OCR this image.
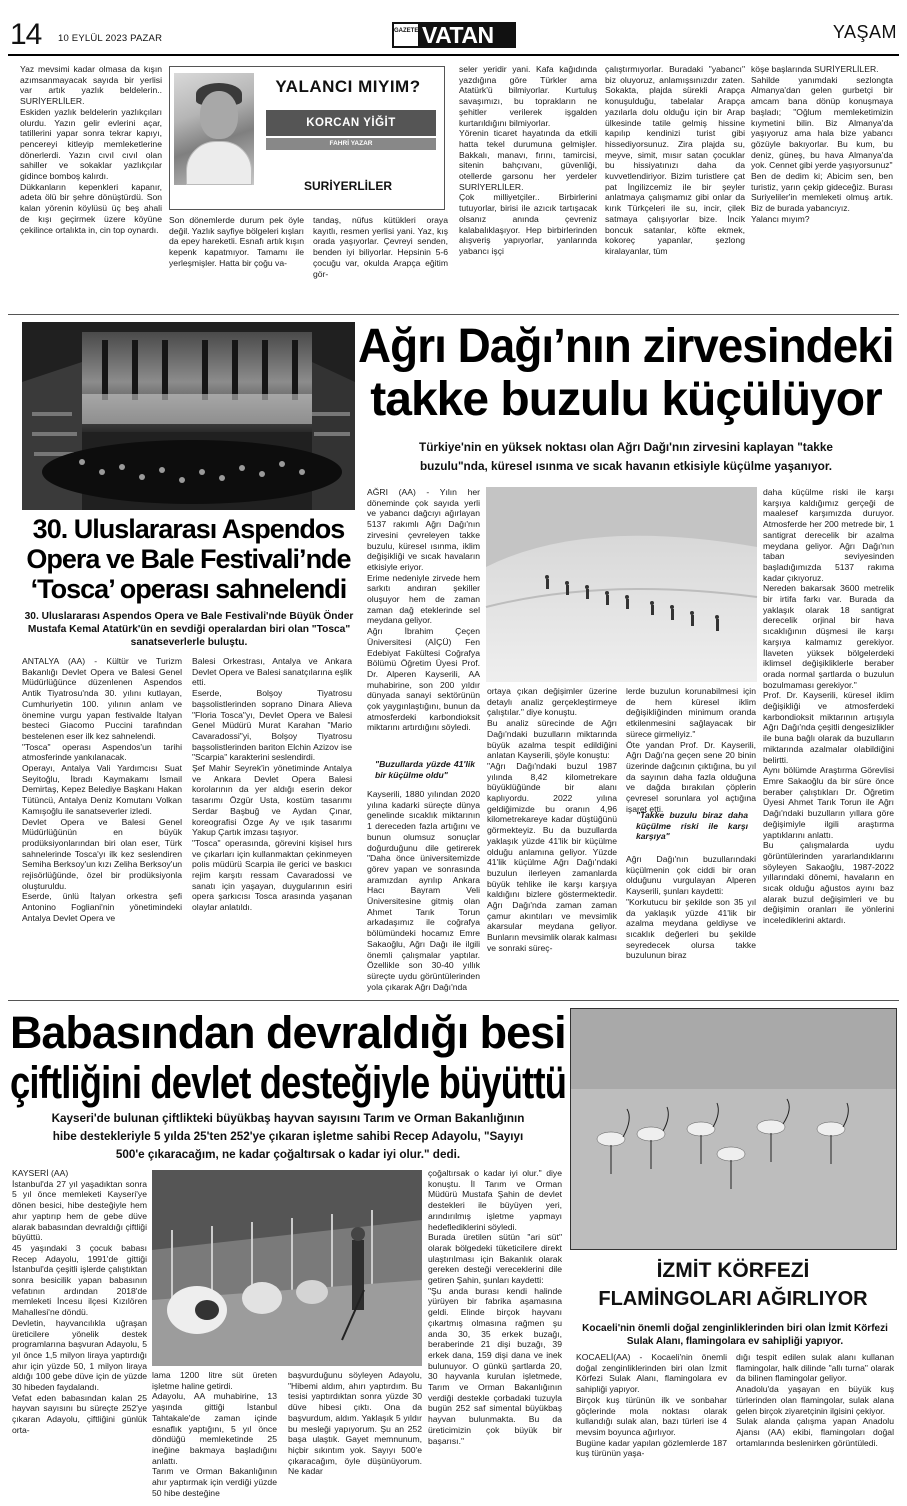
14 10 EYLÜL 2023 PAZAR
GAZETE VATAN	YAŞAM
Yaz mevsimi kadar olmasa da kışın azımsanmayacak sayıda bir yerlisi var artık yazlık beldelerin.. SURİYERLİLER.
Eskiden yazlık beldelerin yazlıkçıları olurdu. Yazın gelir evlerini açar, tatillerini yapar sonra tekrar kapıyı, pencereyi kitleyip memleketlerine dönerlerdi. Yazın cıvıl cıvıl olan sahiller ve sokaklar yazlıkçılar gidince bomboş kalırdı.
Dükkanların kepenkleri kapanır, adeta ölü bir şehre dönüştürdü. Son kalan yörenin köylüsü üç beş ahali de kışı geçirmek üzere köyüne çekilince ortalıkta in, cin top oynardı.
YALANCI MIYIM?
KORCAN YİĞİT
FAHRİ YAZAR
SURİYERLİLER
Son dönemlerde durum pek öyle değil. Yazlık sayfiye bölgeleri kışları da epey hareketli. Esnafı artık kışın kepenk kapatmıyor. Tamamı ile yerleşmişler. Hatta bir çoğu va-
tandaş, nüfus kütükleri oraya kayıtlı, resmen yerlisi yani. Yaz, kış orada yaşıyorlar. Çevreyi senden, benden iyi biliyorlar. Hepsinin 5-6 çocuğu var, okulda Arapça eğitim gör-
seler yeridir yani. Kafa kağıdında yazdığına göre Türkler ama Atatürk'ü bilmiyorlar. Kurtuluş savaşımızı, bu toprakların ne şehitler verilerek işgalden kurtarıldığını bilmiyorlar.
Yörenin ticaret hayatında da etkili hatta tekel durumuna gelmişler. Bakkalı, manavı, fırını, tamircisi, sitenin bahçıvanı, güvenliği, otellerde garsonu her yerdeler SURİYERLİLER.
Çok milliyetçiler.. Birbirlerini tutuyorlar, birisi ile azıcık tartışacak olsanız anında çevreniz kalabalıklaşıyor. Hep birbirlerinden alışveriş yapıyorlar, yanlarında yabancı işçi
çalıştırmıyorlar. Buradaki "yabancı" biz oluyoruz, anlamışsınızdır zaten. Sokakta, plajda sürekli Arapça konuşulduğu, tabelalar Arapça yazılarla dolu olduğu için bir Arap ülkesinde tatile gelmiş hissine kapılıp kendinizi turist gibi hissediyorsunuz. Zira plajda su, meyve, simit, mısır satan çocuklar bu hissiyatınızı daha da kuvvetlendiriyor. Bizim turistlere çat pat İngilizcemiz ile bir şeyler anlatmaya çalışmamız gibi onlar da kırık Türkçeleri ile su, incir, çilek satmaya çalışıyorlar bize. İncik boncuk satanlar, köfte ekmek, kokoreç yapanlar, şezlong kiralayanlar, tüm
köşe başlarında SURİYERLİLER.
Sahilde yanımdaki sezlongta Almanya'dan gelen gurbetçi bir amcam bana dönüp konuşmaya başladı; "Oğlum memleketimizin kıymetini bilin. Biz Almanya'da yaşıyoruz ama hala bize yabancı gözüyle bakıyorlar. Bu kum, bu deniz, güneş, bu hava Almanya'da yok. Cennet gibi yerde yaşıyorsunuz"
Ben de dedim ki; Abicim sen, ben turistiz, yarın çekip gideceğiz. Burası Suriyeliler'in memleketi olmuş artık. Biz de burada yabancıyız.
Yalancı mıyım?
30. Uluslararası Aspendos
Opera ve Bale Festivali’nde
‘Tosca’ operası sahnelendi
30. Uluslararası Aspendos Opera ve Bale Festivali'nde Büyük Önder Mustafa Kemal Atatürk'ün en sevdiği operalardan biri olan "Tosca" sanatseverlerle buluştu.
ANTALYA (AA) - Kültür ve Turizm Bakanlığı Devlet Opera ve Balesi Genel Müdürlüğünce düzenlenen Aspendos Antik Tiyatrosu'nda 30. yılını kutlayan, Cumhuriyetin 100. yılının anlam ve önemine vurgu yapan festivalde İtalyan besteci Giacomo Puccini tarafından bestelenen eser ilk kez sahnelendi.
"Tosca" operası Aspendos'un tarihi atmosferinde yankılanacak.
Operayı, Antalya Vali Yardımcısı Suat Seyitoğlu, İbradı Kaymakamı İsmail Demirtaş, Kepez Belediye Başkanı Hakan Tütüncü, Antalya Deniz Komutanı Volkan Kamışoğlu ile sanatseverler izledi.
Devlet Opera ve Balesi Genel Müdürlüğünün en büyük prodüksiyonlarından biri olan eser, Türk sahnelerinde Tosca'yı ilk kez seslendiren Semiha Berksoy'un kızı Zeliha Berksoy'un rejisörlüğünde, özel bir prodüksiyonla oluşturuldu.
Eserde, ünlü İtalyan orkestra şefi Antonino Fogliani'nin yönetimindeki Antalya Devlet Opera ve
Balesi Orkestrası, Antalya ve Ankara Devlet Opera ve Balesi sanatçılarına eşlik etti.
Eserde, Bolşoy Tiyatrosu başsolistlerinden soprano Dinara Alieva "Floria Tosca"yı, Devlet Opera ve Balesi Genel Müdürü Murat Karahan "Mario Cavaradossi"yi, Bolşoy Tiyatrosu başsolistlerinden bariton Elchin Azizov ise "Scarpia" karakterini seslendirdi.
Şef Mahir Seyrek'in yönetiminde Antalya ve Ankara Devlet Opera Balesi korolarının da yer aldığı eserin dekor tasarımı Özgür Usta, kostüm tasarımı Serdar Başbuğ ve Aydan Çınar, koreografisi Özge Ay ve ışık tasarımı Yakup Çartık imzası taşıyor.
"Tosca" operasında, görevini kişisel hırs ve çıkarları için kullanmaktan çekinmeyen polis müdürü Scarpia ile gerici ve baskıcı rejim karşıtı ressam Cavaradossi ve sanatı için yaşayan, duygularının esiri opera şarkıcısı Tosca arasında yaşanan olaylar anlatıldı.
Ağrı Dağı’nın zirvesindeki
takke buzulu küçülüyor
Türkiye'nin en yüksek noktası olan Ağrı Dağı'nın zirvesini kaplayan "takke
buzulu"nda, küresel ısınma ve sıcak havanın etkisiyle küçülme yaşanıyor.
AĞRI (AA) - Yılın her döneminde çok sayıda yerli ve yabancı dağcıyı ağırlayan 5137 rakımlı Ağrı Dağı'nın zirvesini çevreleyen takke buzulu, küresel ısınma, iklim değişikliği ve sıcak havaların etkisiyle eriyor.
Erime nedeniyle zirvede hem sarkıtı andıran şekiller oluşuyor hem de zaman zaman dağ eteklerinde sel meydana geliyor.
Ağrı İbrahim Çeçen Üniversitesi (AİÇÜ) Fen Edebiyat Fakültesi Coğrafya Bölümü Öğretim Üyesi Prof. Dr. Alperen Kayserili, AA muhabirine, son 200 yıldır dünyada sanayi sektörünün çok yaygınlaştığını, bunun da atmosferdeki karbondioksit miktarını artırdığını söyledi.
"Buzullarda yüzde 41'lik bir küçülme oldu"
Kayserili, 1880 yılından 2020 yılına kadarki süreçte dünya genelinde sıcaklık miktarının 1 dereceden fazla artığını ve bunun olumsuz sonuçlar doğurduğunu dile getirerek "Daha önce üniversitemizde görev yapan ve sonrasında aramızdan ayrılıp Ankara Hacı Bayram Veli Üniversitesine gitmiş olan Ahmet Tarık Torun arkadaşımız ile coğrafya bölümündeki hocamız Emre Sakaoğlu, Ağrı Dağı ile ilgili önemli çalışmalar yaptılar. Özellikle son 30-40 yıllık süreçte uydu görüntülerinden yola çıkarak Ağrı Dağı'nda
ortaya çıkan değişimler üzerine detaylı analiz gerçekleştirmeye çalıştılar." diye konuştu.
Bu analiz sürecinde de Ağrı Dağı'ndaki buzulların miktarında büyük azalma tespit edildiğini anlatan Kayserili, şöyle konuştu:
"Ağrı Dağı'ndaki buzul 1987 yılında 8,42 kilometrekare büyüklüğünde bir alanı kaplıyordu. 2022 yılına geldiğimizde bu oranın 4,96 kilometrekareye kadar düştüğünü görmekteyiz. Bu da buzullarda yaklaşık yüzde 41'lik bir küçülme olduğu anlamına geliyor. Yüzde 41'lik küçülme Ağrı Dağı'ndaki buzulun ilerleyen zamanlarda büyük tehlike ile karşı karşıya kaldığını bizlere göstermektedir. Ağrı Dağı'nda zaman zaman çamur akıntıları ve mevsimlik akarsular meydana geliyor. Bunların mevsimlik olarak kalması ve sonraki süreç-
lerde buzulun korunabilmesi için de hem küresel iklim değişikliğinden minimum oranda etkilenmesini sağlayacak bir sürece girmeliyiz."
Öte yandan Prof. Dr. Kayserili, Ağrı Dağı'na geçen sene 20 binin üzerinde dağcının çıktığına, bu yıl da sayının daha fazla olduğuna ve dağda bırakılan çöplerin çevresel sorunlara yol açtığına işaret etti.
"Takke buzulu biraz daha küçülme riski ile karşı karşıya"
Ağrı Dağı'nın buzullarındaki küçülmenin çok ciddi bir oran olduğunu vurgulayan Alperen Kayserili, şunları kaydetti:
"Korkutucu bir şekilde son 35 yıl da yaklaşık yüzde 41'lik bir azalma meydana geldiyse ve sıcaklık değerleri bu şekilde seyredecek olursa takke buzulunun biraz
daha küçülme riski ile karşı karşıya kaldığımız gerçeği de maalesef karşımızda duruyor. Atmosferde her 200 metrede bir, 1 santigrat derecelik bir azalma meydana geliyor. Ağrı Dağı'nın taban seviyesinden başladığımızda 5137 rakıma kadar çıkıyoruz.
Nereden bakarsak 3600 metrelik bir irtifa farkı var. Burada da yaklaşık olarak 18 santigrat derecelik orjinal bir hava sıcaklığının düşmesi ile karşı karşıya kalmamız gerekiyor. İlaveten yüksek bölgelerdeki iklimsel değişikliklerle beraber orada normal şartlarda o buzulun bozulmaması gerekiyor."
Prof. Dr. Kayserili, küresel iklim değişikliği ve atmosferdeki karbondioksit miktarının artışıyla Ağrı Dağı'nda çeşitli dengesizlikler ile buna bağlı olarak da buzulların miktarında azalmalar olabildiğini belirtti.
Aynı bölümde Araştırma Görevlisi Emre Sakaoğlu da bir süre önce beraber çalıştıkları Dr. Öğretim Üyesi Ahmet Tarık Torun ile Ağrı Dağı'ndaki buzulların yıllara göre değişimiyle ilgili araştırma yaptıklarını anlattı.
Bu çalışmalarda uydu görüntülerinden yararlandıklarını söyleyen Sakaoğlu, 1987-2022 yıllarındaki dönemi, havaların en sıcak olduğu ağustos ayını baz alarak buzul değişimleri ve bu değişimin oranları ile yönlerini incelediklerini aktardı.
Babasından devraldığı besi
çiftliğini devlet desteğiyle büyüttü
Kayseri'de bulunan çiftlikteki büyükbaş hayvan sayısını Tarım ve Orman Bakanlığının
hibe destekleriyle 5 yılda 25'ten 252'ye çıkaran işletme sahibi Recep Adayolu, "Sayıyı
500'e çıkaracağım, ne kadar çoğaltırsak o kadar iyi olur." dedi.
KAYSERİ (AA)
İstanbul'da 27 yıl yaşadıktan sonra 5 yıl önce memleketi Kayseri'ye dönen besici, hibe desteğiyle hem ahır yaptırıp hem de gebe düve alarak babasından devraldığı çiftliği büyüttü.
45 yaşındaki 3 çocuk babası Recep Adayolu, 1991'de gittiği İstanbul'da çeşitli işlerde çalıştıktan sonra besicilik yapan babasının vefatının ardından 2018'de memleketi İncesu ilçesi Kızılören Mahallesi'ne döndü.
Devletin, hayvancılıkla uğraşan üreticilere yönelik destek programlarına başvuran Adayolu, 5 yıl önce 1,5 milyon liraya yaptırdığı ahır için yüzde 50, 1 milyon liraya aldığı 100 gebe düve için de yüzde 30 hibeden faydalandı.
Vefat eden babasından kalan 25 hayvan sayısını bu süreçte 252'ye çıkaran Adayolu, çiftliğini günlük orta-
lama 1200 litre süt üreten işletme haline getirdi.
Adayolu, AA muhabirine, 13 yaşında gittiği İstanbul Tahtakale'de zaman içinde esnaflık yaptığını, 5 yıl önce döndüğü memleketinde 25 ineğine bakmaya başladığını anlattı.
Tarım ve Orman Bakanlığının ahır yaptırmak için verdiği yüzde 50 hibe desteğine
başvurduğunu söyleyen Adayolu, "Hibemi aldım, ahırı yaptırdım. Bu tesisi yaptırdıktan sonra yüzde 30 düve hibesi çıktı. Ona da başvurdum, aldım. Yaklaşık 5 yıldır bu mesleği yapıyorum. Şu an 252 başa ulaştık. Gayet memnunum, hiçbir sıkıntım yok. Sayıyı 500'e çıkaracağım, öyle düşünüyorum. Ne kadar
çoğaltırsak o kadar iyi olur." diye konuştu. İl Tarım ve Orman Müdürü Mustafa Şahin de devlet destekleri ile büyüyen yeri, arındırılmış işletme yapmayı hedeflediklerini söyledi.
Burada üretilen sütün "ari süt" olarak bölgedeki tüketicilere direkt ulaştırılması için Bakanlık olarak gereken desteği vereceklerini dile getiren Şahin, şunları kaydetti:
"Şu anda burası kendi halinde yürüyen bir fabrika aşamasına geldi. Elinde birçok hayvanı çıkartmış olmasına rağmen şu anda 30, 35 erkek buzağı, beraberinde 21 dişi buzağı, 39 erkek dana, 159 dişi dana ve inek bulunuyor. O günkü şartlarda 20, 30 hayvanla kurulan işletmede, Tarım ve Orman Bakanlığının verdiği destekle çorbadaki tuzuyla bugün 252 saf simental büyükbaş hayvan bulunmakta. Bu da üreticimizin çok büyük bir başarısı."
İZMİT KÖRFEZİ
FLAMİNGOLARI AĞIRLIYOR
Kocaeli'nin önemli doğal zenginliklerinden biri olan İzmit Körfezi Sulak Alanı, flamingolara ev sahipliği yapıyor.
KOCAELİ(AA) - Kocaeli'nin önemli doğal zenginliklerinden biri olan İzmit Körfezi Sulak Alanı, flamingolara ev sahipliği yapıyor.
Birçok kuş türünün ilk ve sonbahar göçlerinde mola noktası olarak kullandığı sulak alan, bazı türleri ise 4 mevsim boyunca ağırlıyor.
Bugüne kadar yapılan gözlemlerde 187 kuş türünün yaşa-
dığı tespit edilen sulak alanı kullanan flamingolar, halk dilinde "allı turna" olarak da bilinen flamingolar geliyor.
Anadolu'da yaşayan en büyük kuş türlerinden olan flamingolar, sulak alana gelen birçok ziyaretçinin ilgisini çekiyor.
Sulak alanda çalışma yapan Anadolu Ajansı (AA) ekibi, flamingoları doğal ortamlarında beslenirken görüntüledi.
